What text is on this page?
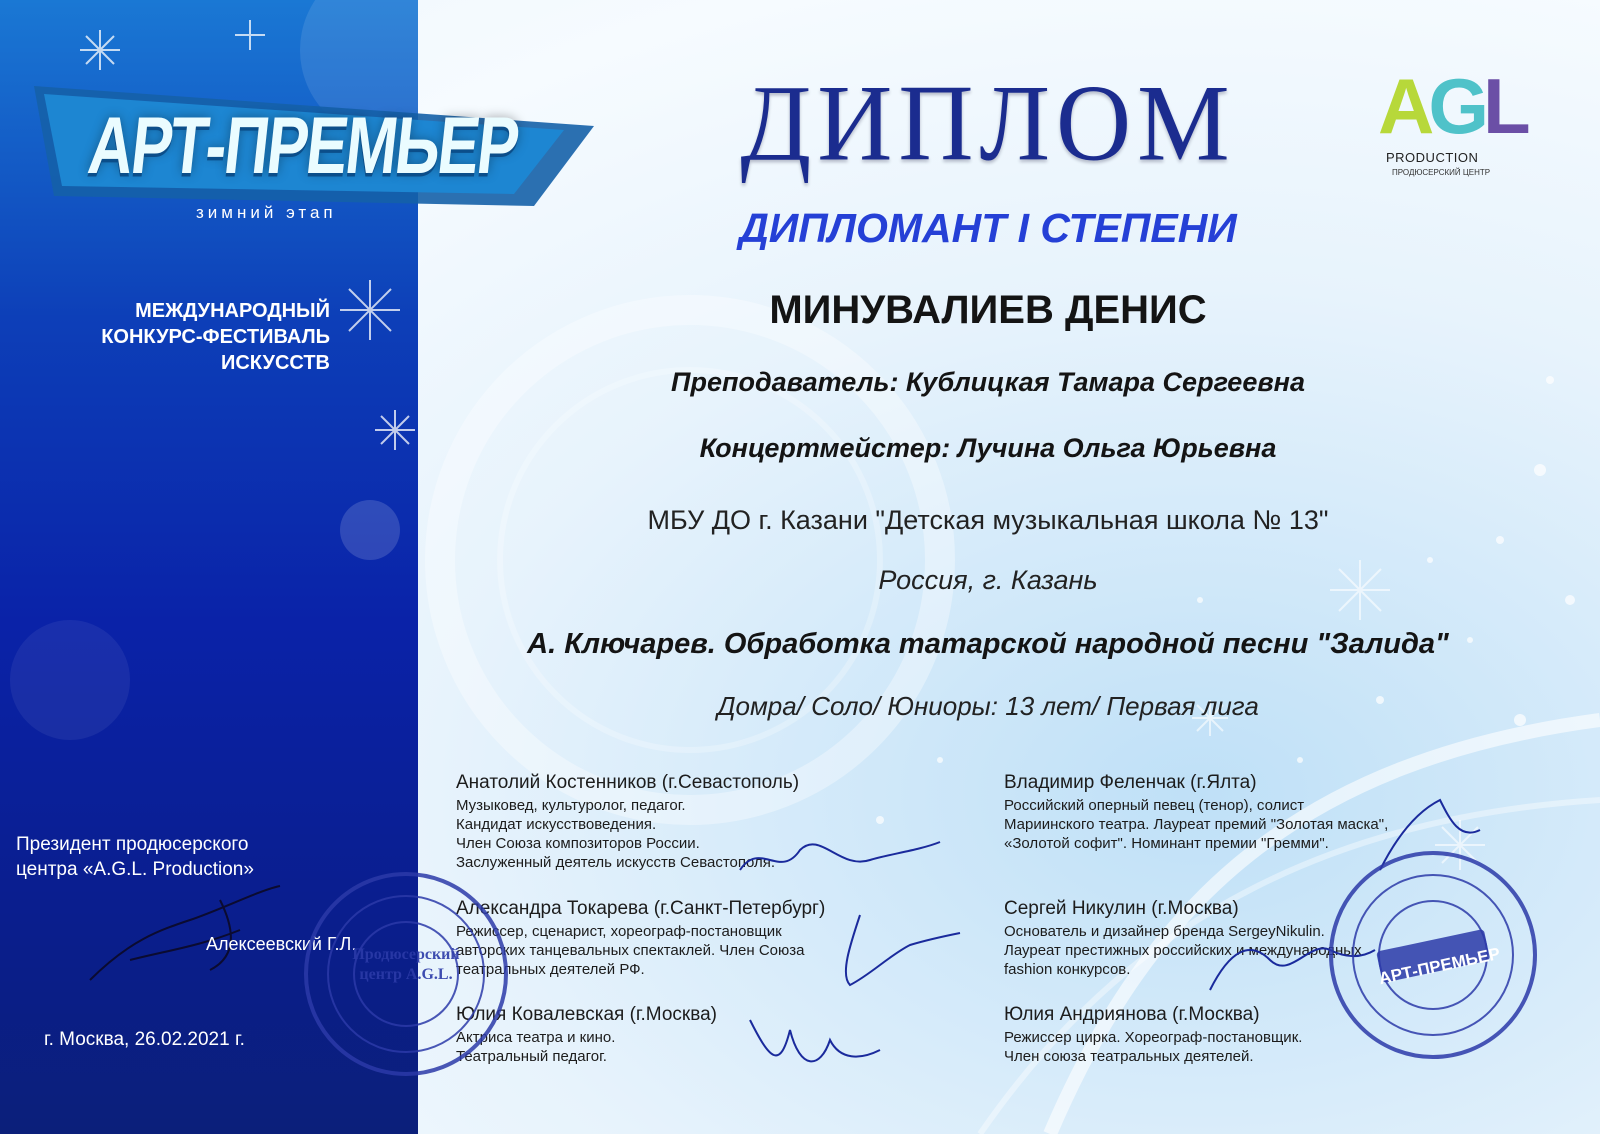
АРТ-ПРЕМЬЕР
зимний этап
МЕЖДУНАРОДНЫЙ
КОНКУРС-ФЕСТИВАЛЬ
ИСКУССТВ
Президент продюсерского
центра «A.G.L. Production»
Алексеевский Г.Л.
г. Москва, 26.02.2021 г.
AGL
PRODUCTION
ПРОДЮСЕРСКИЙ ЦЕНТР
ДИПЛОМ
ДИПЛОМАНТ I СТЕПЕНИ
МИНУВАЛИЕВ ДЕНИС
Преподаватель: Кублицкая Тамара Сергеевна
Концертмейстер: Лучина Ольга Юрьевна
МБУ ДО г. Казани "Детская музыкальная школа № 13"
Россия, г. Казань
А. Ключарев. Обработка татарской народной песни "Залида"
Домра/ Соло/ Юниоры: 13 лет/ Первая лига
Анатолий Костенников (г.Севастополь)
Музыковед, культуролог, педагог.
Кандидат искусствоведения.
Член Союза композиторов России.
Заслуженный деятель искусств Севастополя.
Александра Токарева (г.Санкт-Петербург)
Режиссер, сценарист, хореограф-постановщик
авторских танцевальных спектаклей. Член Союза
театральных деятелей РФ.
Юлия Ковалевская (г.Москва)
Актриса театра и кино.
Театральный педагог.
Владимир Феленчак (г.Ялта)
Российский оперный певец (тенор), солист
Мариинского театра. Лауреат премий "Золотая маска",
«Золотой софит". Номинант премии "Гремми".
Сергей Никулин (г.Москва)
Основатель и дизайнер бренда SergeyNikulin.
Лауреат престижных российских и международных
fashion конкурсов.
Юлия Андриянова (г.Москва)
Режиссер цирка. Хореограф-постановщик.
Член союза театральных деятелей.
Продюсерский центр A.G.L.	АРТ-ПРЕМЬЕР
